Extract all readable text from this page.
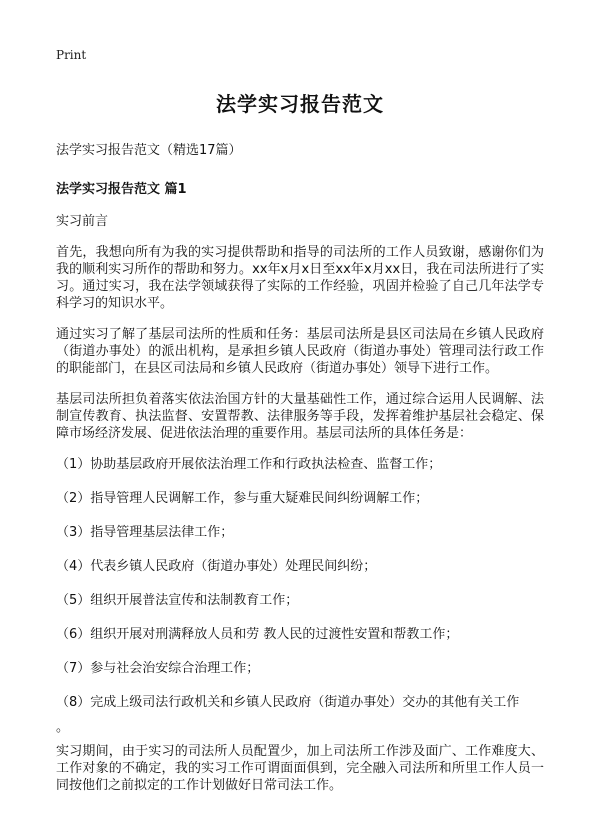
Print
法学实习报告范文
法学实习报告范文（精选17篇）
法学实习报告范文 篇1
实习前言
首先，我想向所有为我的实习提供帮助和指导的司法所的工作人员致谢，感谢你们为我的顺利实习所作的帮助和努力。xx年x月x日至xx年x月xx日，我在司法所进行了实习。通过实习，我在法学领域获得了实际的工作经验，巩固并检验了自己几年法学专科学习的知识水平。
通过实习了解了基层司法所的性质和任务：基层司法所是县区司法局在乡镇人民政府（街道办事处）的派出机构，是承担乡镇人民政府（街道办事处）管理司法行政工作的职能部门，在县区司法局和乡镇人民政府（街道办事处）领导下进行工作。
基层司法所担负着落实依法治国方针的大量基础性工作，通过综合运用人民调解、法制宣传教育、执法监督、安置帮教、法律服务等手段，发挥着维护基层社会稳定、保障市场经济发展、促进依法治理的重要作用。基层司法所的具体任务是：
（1）协助基层政府开展依法治理工作和行政执法检查、监督工作；
（2）指导管理人民调解工作，参与重大疑难民间纠纷调解工作；
（3）指导管理基层法律工作；
（4）代表乡镇人民政府（街道办事处）处理民间纠纷；
（5）组织开展普法宣传和法制教育工作；
（6）组织开展对刑满释放人员和劳 教人民的过渡性安置和帮教工作；
（7）参与社会治安综合治理工作；
（8）完成上级司法行政机关和乡镇人民政府（街道办事处）交办的其他有关工作
。
实习期间，由于实习的司法所人员配置少，加上司法所工作涉及面广、工作难度大、工作对象的不确定，我的实习工作可谓面面俱到，完全融入司法所和所里工作人员一同按他们之前拟定的工作计划做好日常司法工作。
